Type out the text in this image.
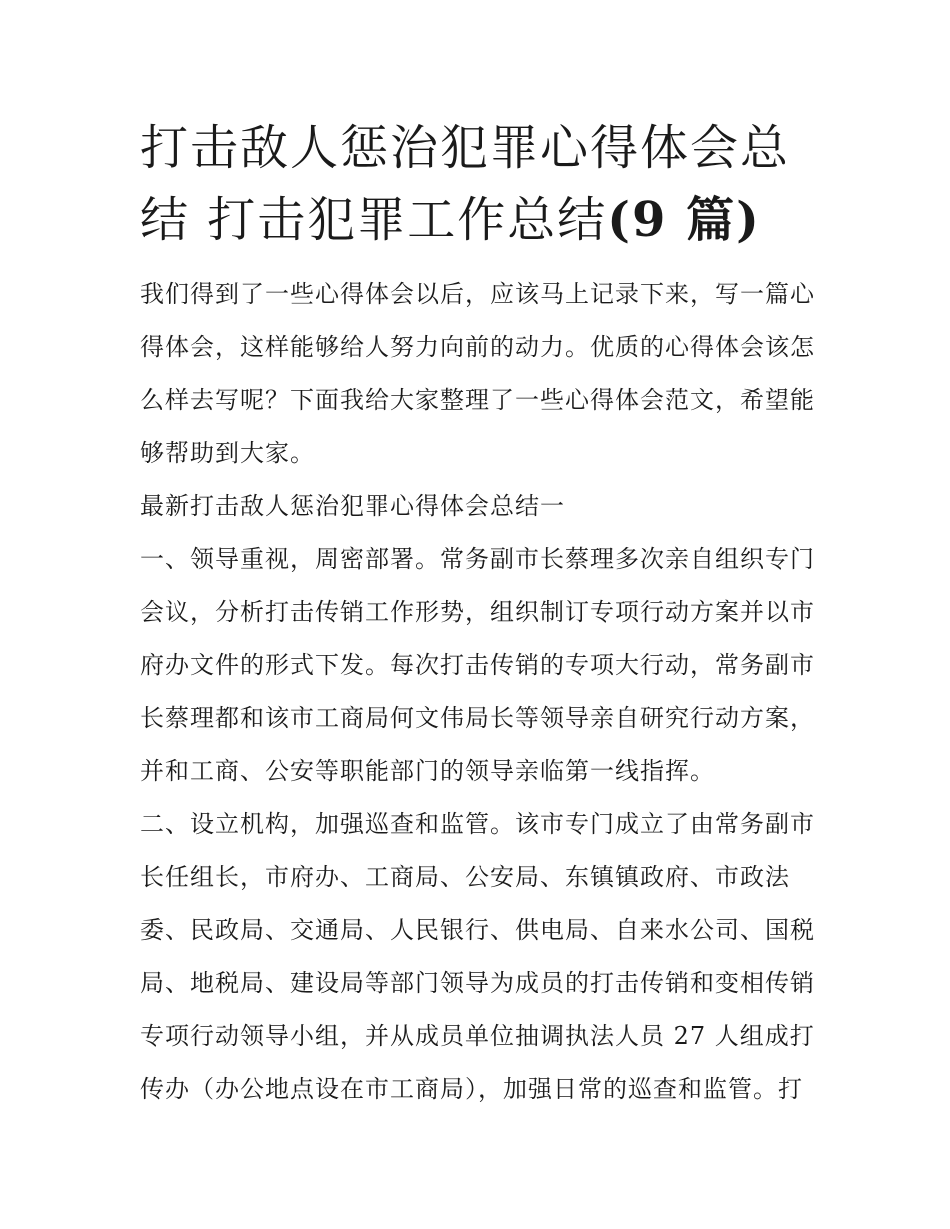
打击敌人惩治犯罪心得体会总
结 打击犯罪工作总结(9 篇)

我们得到了一些心得体会以后，应该马上记录下来，写一篇心得体会，这样能够给人努力向前的动力。优质的心得体会该怎么样去写呢？下面我给大家整理了一些心得体会范文，希望能够帮助到大家。

最新打击敌人惩治犯罪心得体会总结一

一、领导重视，周密部署。常务副市长蔡理多次亲自组织专门会议，分析打击传销工作形势，组织制订专项行动方案并以市府办文件的形式下发。每次打击传销的专项大行动，常务副市长蔡理都和该市工商局何文伟局长等领导亲自研究行动方案，并和工商、公安等职能部门的领导亲临第一线指挥。

二、设立机构，加强巡查和监管。该市专门成立了由常务副市长任组长，市府办、工商局、公安局、东镇镇政府、市政法委、民政局、交通局、人民银行、供电局、自来水公司、国税局、地税局、建设局等部门领导为成员的打击传销和变相传销专项行动领导小组，并从成员单位抽调执法人员 27 人组成打传办（办公地点设在市工商局），加强日常的巡查和监管。打
